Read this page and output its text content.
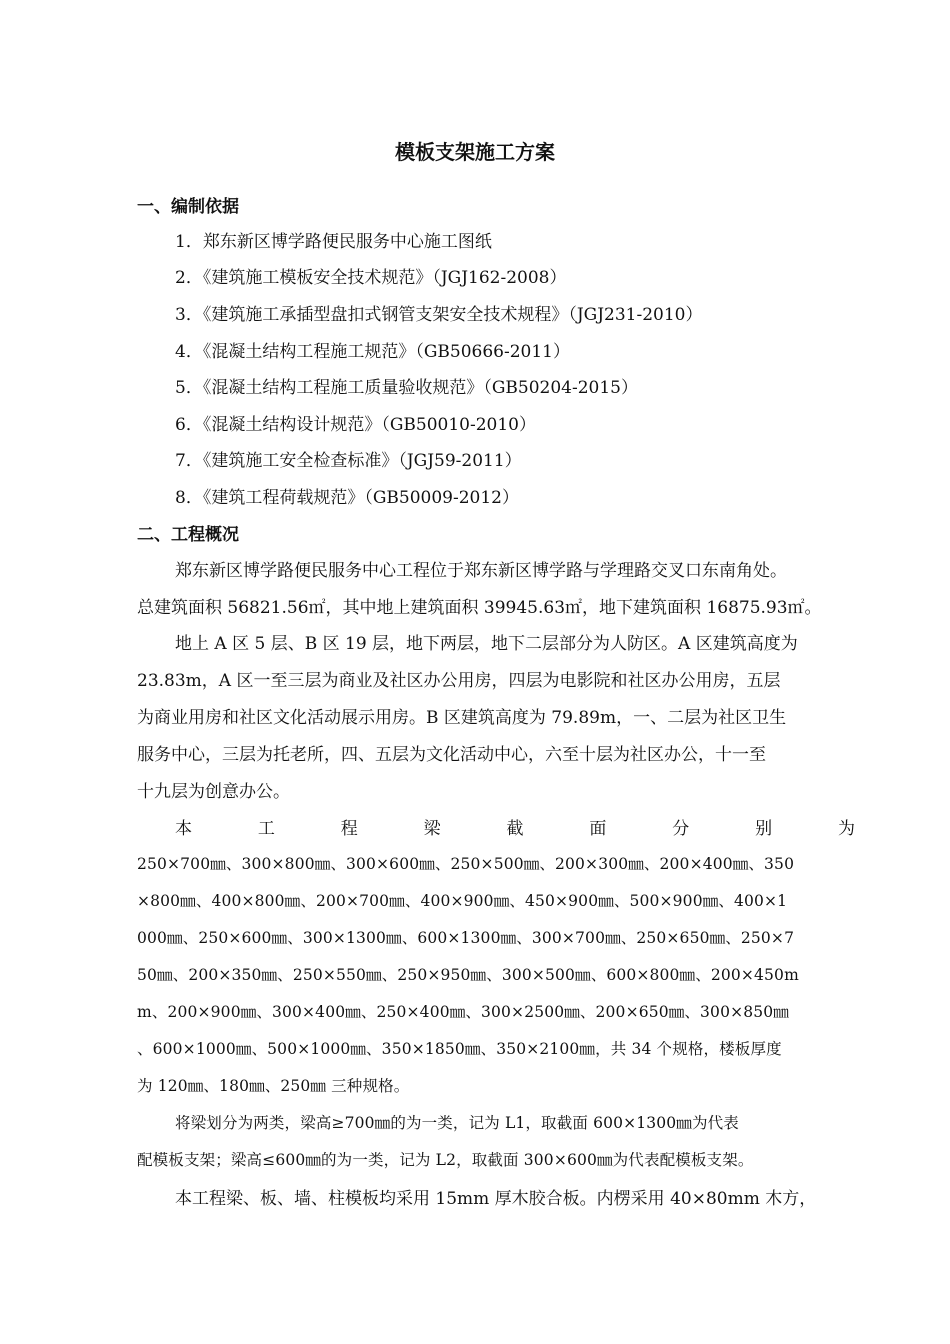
模板支架施工方案
一、编制依据
1．郑东新区博学路便民服务中心施工图纸
2．《建筑施工模板安全技术规范》（JGJ162-2008）
3．《建筑施工承插型盘扣式钢管支架安全技术规程》（JGJ231-2010）
4．《混凝土结构工程施工规范》（GB50666-2011）
5．《混凝土结构工程施工质量验收规范》（GB50204-2015）
6．《混凝土结构设计规范》（GB50010-2010）
7．《建筑施工安全检查标准》（JGJ59-2011）
8．《建筑工程荷载规范》（GB50009-2012）
二、工程概况
郑东新区博学路便民服务中心工程位于郑东新区博学路与学理路交叉口东南角处。
总建筑面积 56821.56㎡，其中地上建筑面积 39945.63㎡，地下建筑面积 16875.93㎡。
地上 A 区 5 层、B 区 19 层，地下两层，地下二层部分为人防区。A 区建筑高度为
23.83m，A 区一至三层为商业及社区办公用房，四层为电影院和社区办公用房，五层
为商业用房和社区文化活动展示用房。B 区建筑高度为 79.89m，一、二层为社区卫生
服务中心，三层为托老所，四、五层为文化活动中心，六至十层为社区办公，十一至
十九层为创意办公。
本	工	程	梁	截	面	分	别	为
250×700㎜、300×800㎜、300×600㎜、250×500㎜、200×300㎜、200×400㎜、350
×800㎜、400×800㎜、200×700㎜、400×900㎜、450×900㎜、500×900㎜、400×1
000㎜、250×600㎜、300×1300㎜、600×1300㎜、300×700㎜、250×650㎜、250×7
50㎜、200×350㎜、250×550㎜、250×950㎜、300×500㎜、600×800㎜、200×450m
m、200×900㎜、300×400㎜、250×400㎜、300×2500㎜、200×650㎜、300×850㎜
、600×1000㎜、500×1000㎜、350×1850㎜、350×2100㎜，共 34 个规格，楼板厚度
为 120㎜、180㎜、250㎜ 三种规格。
将梁划分为两类，梁高≥700㎜的为一类，记为 L1，取截面 600×1300㎜为代表
配模板支架；梁高≤600㎜的为一类，记为 L2，取截面 300×600㎜为代表配模板支架。
本工程梁、板、墙、柱模板均采用 15mm 厚木胶合板。内楞采用 40×80mm 木方，
